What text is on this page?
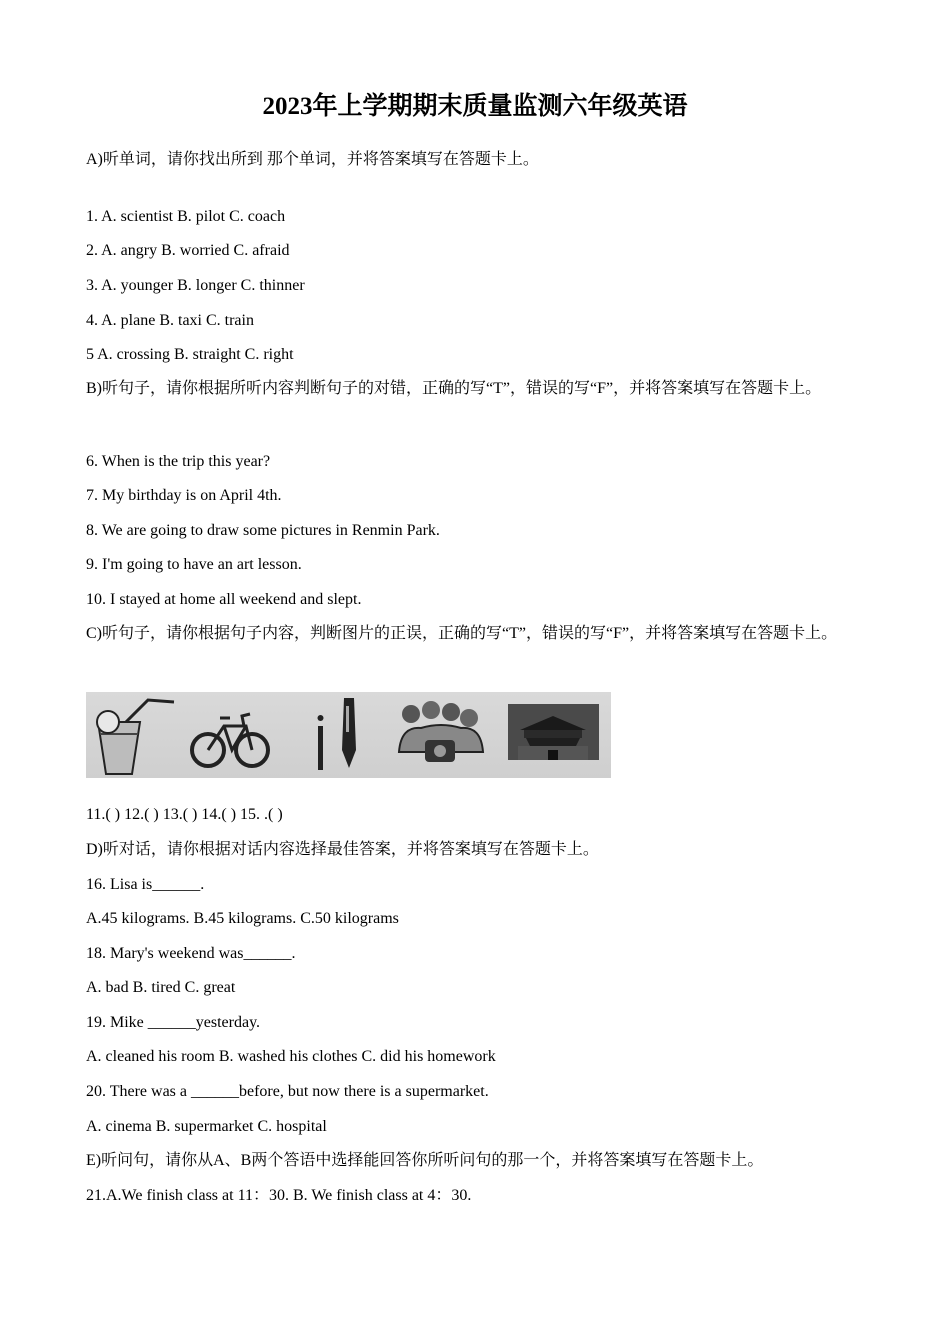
2023年上学期期末质量监测六年级英语
A)听单词，请你找出所到 那个单词，并将答案填写在答题卡上。
1. A. scientist B. pilot C. coach
2. A. angry B. worried C. afraid
3. A. younger B. longer C. thinner
4. A. plane B. taxi C. train
5 A. crossing B. straight C. right
B)听句子，请你根据所听内容判断句子的对错，正确的写“T”，错误的写“F”，并将答案填写在答题卡上。
6. When is the trip this year?
7. My birthday is on April 4th.
8. We are going to draw some pictures in Renmin Park.
9. I'm going to have an art lesson.
10. I stayed at home all weekend and slept.
C)听句子，请你根据句子内容，判断图片的正误，正确的写“T”，错误的写“F”，并将答案填写在答题卡上。
11.( ) 12.( ) 13.( ) 14.( ) 15. .( )
D)听对话，请你根据对话内容选择最佳答案，并将答案填写在答题卡上。
16. Lisa is______.
A.45 kilograms. B.45 kilograms. C.50 kilograms
18. Mary's weekend was______.
A. bad B. tired C. great
19. Mike ______yesterday.
A. cleaned his room B. washed his clothes C. did his homework
20. There was a ______before, but now there is a supermarket.
A. cinema B. supermarket C. hospital
E)听问句，请你从A、B两个答语中选择能回答你所听问句的那一个，并将答案填写在答题卡上。
21.A.We finish class at 11：30. B. We finish class at 4：30.
